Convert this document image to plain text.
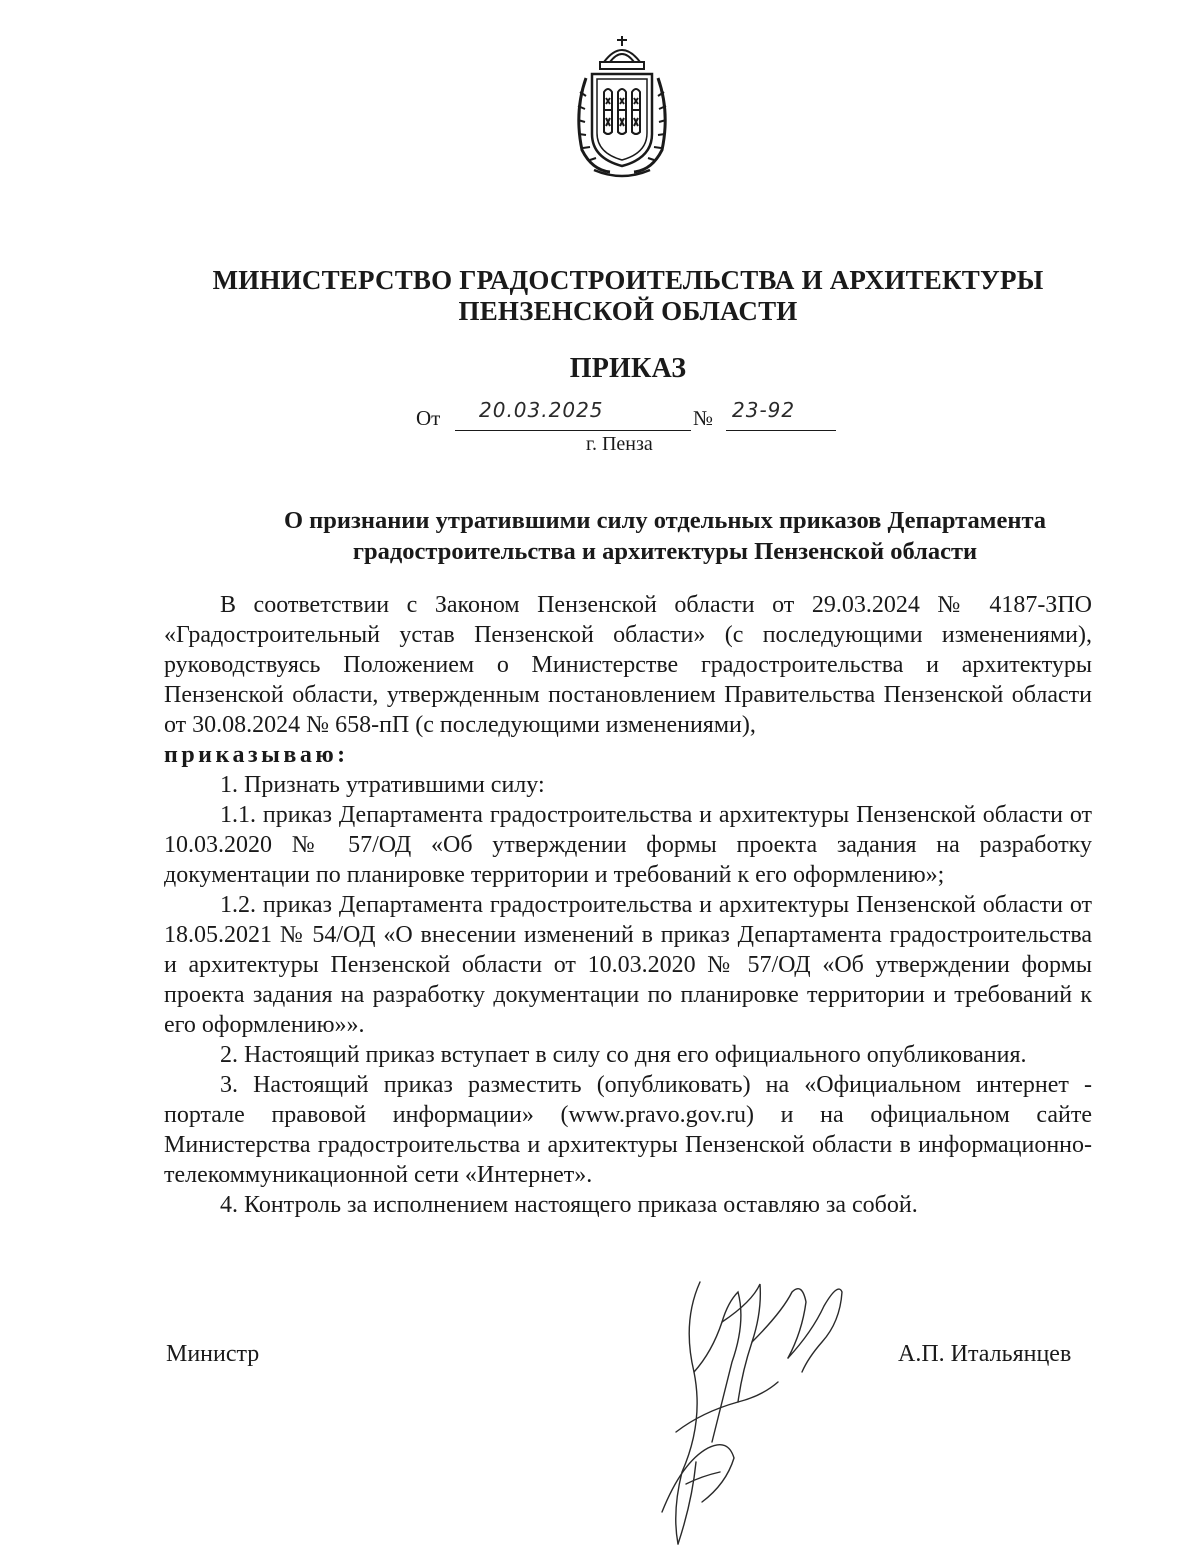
МИНИСТЕРСТВО ГРАДОСТРОИТЕЛЬСТВА И АРХИТЕКТУРЫ
ПЕНЗЕНСКОЙ ОБЛАСТИ
ПРИКАЗ
От 20.03.2025	№ 23-92
г. Пенза
О признании утратившими силу отдельных приказов Департамента
градостроительства и архитектуры Пензенской области

В соответствии с Законом Пензенской области от 29.03.2024 № 4187-ЗПО «Градостроительный устав Пензенской области» (с последующими изменениями), руководствуясь Положением о Министерстве градостроительства и архитектуры Пензенской области, утвержденным постановлением Правительства Пензенской области от 30.08.2024 № 658-пП (с последующими изменениями),

приказываю:

1. Признать утратившими силу:

1.1. приказ Департамента градостроительства и архитектуры Пензенской области от 10.03.2020 № 57/ОД «Об утверждении формы проекта задания на разработку документации по планировке территории и требований к его оформлению»;

1.2. приказ Департамента градостроительства и архитектуры Пензенской области от 18.05.2021 № 54/ОД «О внесении изменений в приказ Департамента градостроительства и архитектуры Пензенской области от 10.03.2020 № 57/ОД «Об утверждении формы проекта задания на разработку документации по планировке территории и требований к его оформлению»».

2. Настоящий приказ вступает в силу со дня его официального опубликования.

3. Настоящий приказ разместить (опубликовать) на «Официальном интернет - портале правовой информации» (www.pravo.gov.ru) и на официальном сайте Министерства градостроительства и архитектуры Пензенской области в информационно-телекоммуникационной сети «Интернет».

4. Контроль за исполнением настоящего приказа оставляю за собой.

Министр	А.П. Итальянцев
